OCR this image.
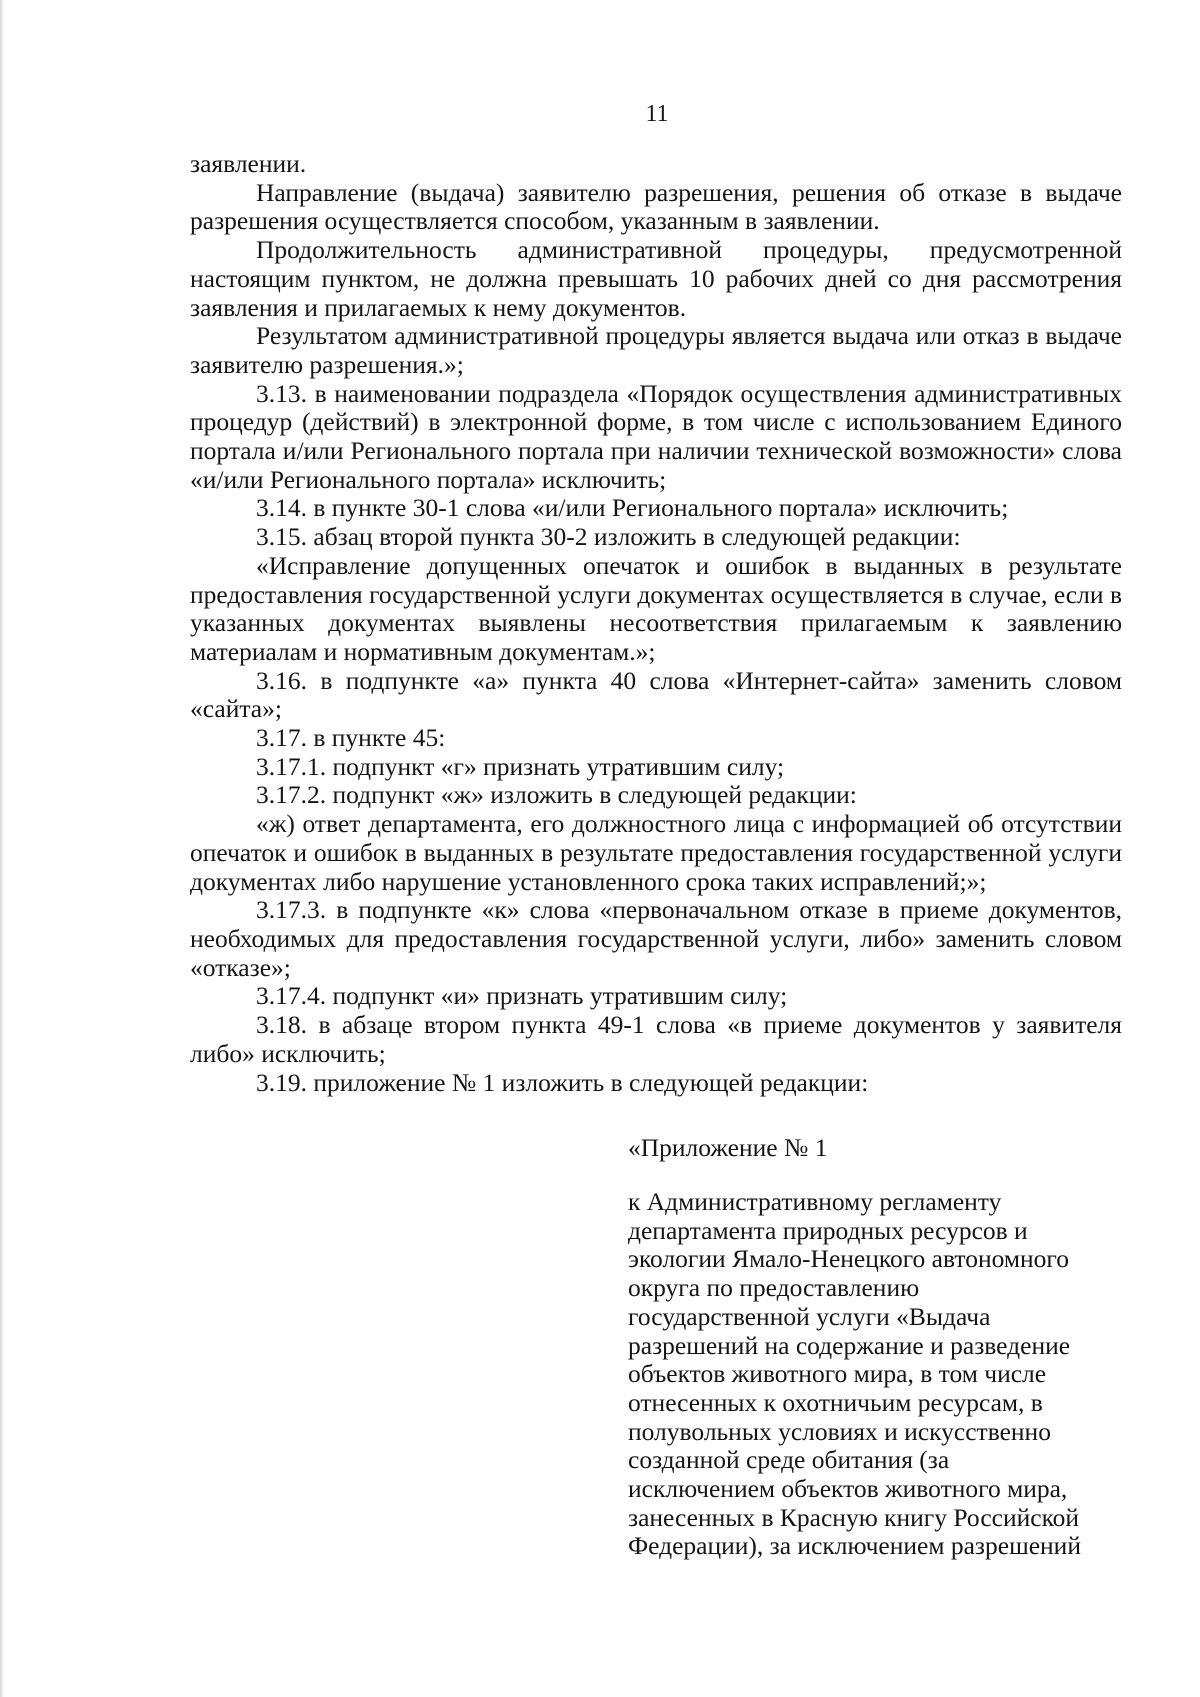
11

заявлении.

Направление (выдача) заявителю разрешения, решения об отказе в выдаче разрешения осуществляется способом, указанным в заявлении.

Продолжительность административной процедуры, предусмотренной настоящим пунктом, не должна превышать 10 рабочих дней со дня рассмотрения заявления и прилагаемых к нему документов.

Результатом административной процедуры является выдача или отказ в выдаче заявителю разрешения.»;

3.13. в наименовании подраздела «Порядок осуществления административных процедур (действий) в электронной форме, в том числе с использованием Единого портала и/или Регионального портала при наличии технической возможности» слова «и/или Регионального портала» исключить;

3.14. в пункте 30-1 слова «и/или Регионального портала» исключить;

3.15. абзац второй пункта 30-2 изложить в следующей редакции:

«Исправление допущенных опечаток и ошибок в выданных в результате предоставления государственной услуги документах осуществляется в случае, если в указанных документах выявлены несоответствия прилагаемым к заявлению материалам и нормативным документам.»;

3.16. в подпункте «а» пункта 40 слова «Интернет-сайта» заменить словом «сайта»;

3.17. в пункте 45:

3.17.1. подпункт «г» признать утратившим силу;

3.17.2. подпункт «ж» изложить в следующей редакции:

«ж) ответ департамента, его должностного лица с информацией об отсутствии опечаток и ошибок в выданных в результате предоставления государственной услуги документах либо нарушение установленного срока таких исправлений;»;

3.17.3. в подпункте «к» слова «первоначальном отказе в приеме документов, необходимых для предоставления государственной услуги, либо» заменить словом «отказе»;

3.17.4. подпункт «и» признать утратившим силу;

3.18. в абзаце втором пункта 49-1 слова «в приеме документов у заявителя либо» исключить;

3.19. приложение № 1 изложить в следующей редакции:

«Приложение № 1
к Административному регламенту
департамента природных ресурсов и
экологии Ямало-Ненецкого автономного
округа по предоставлению
государственной услуги «Выдача
разрешений на содержание и разведение
объектов животного мира, в том числе
отнесенных к охотничьим ресурсам, в
полувольных условиях и искусственно
созданной среде обитания (за
исключением объектов животного мира,
занесенных в Красную книгу Российской
Федерации), за исключением разрешений
